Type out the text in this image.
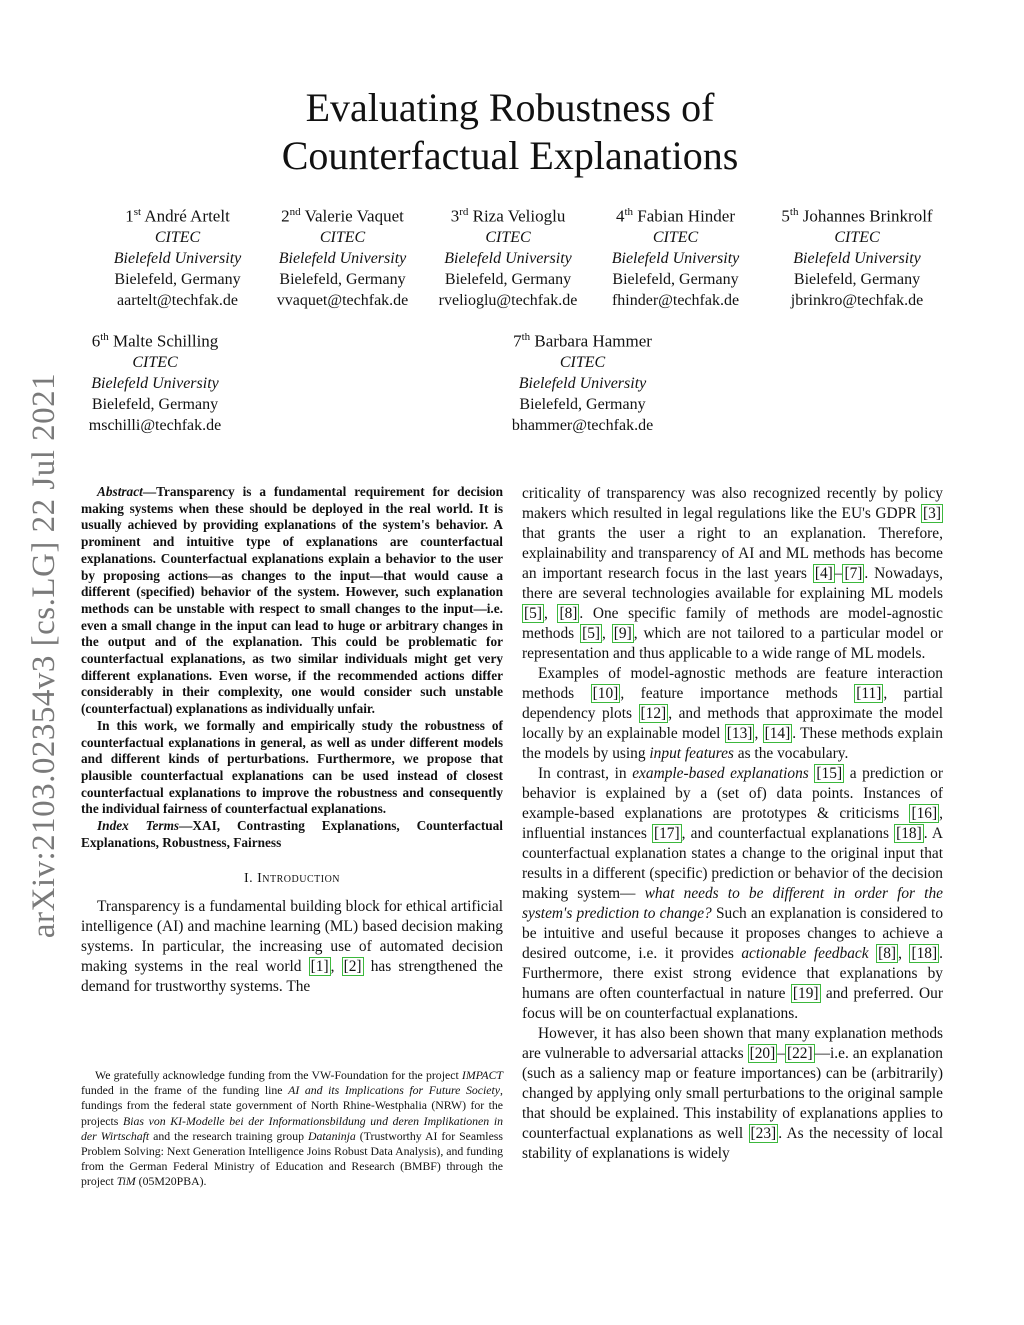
arXiv:2103.02354v3 [cs.LG] 22 Jul 2021
Evaluating Robustness of
Counterfactual Explanations
1st André Artelt
CITEC
Bielefeld University
Bielefeld, Germany
aartelt@techfak.de
2nd Valerie Vaquet
CITEC
Bielefeld University
Bielefeld, Germany
vvaquet@techfak.de
3rd Riza Velioglu
CITEC
Bielefeld University
Bielefeld, Germany
rvelioglu@techfak.de
4th Fabian Hinder
CITEC
Bielefeld University
Bielefeld, Germany
fhinder@techfak.de
5th Johannes Brinkrolf
CITEC
Bielefeld University
Bielefeld, Germany
jbrinkro@techfak.de
6th Malte Schilling
CITEC
Bielefeld University
Bielefeld, Germany
mschilli@techfak.de
7th Barbara Hammer
CITEC
Bielefeld University
Bielefeld, Germany
bhammer@techfak.de

Abstract—Transparency is a fundamental requirement for decision making systems when these should be deployed in the real world. It is usually achieved by providing explanations of the system's behavior. A prominent and intuitive type of explanations are counterfactual explanations. Counterfactual explanations explain a behavior to the user by proposing actions—as changes to the input—that would cause a different (specified) behavior of the system. However, such explanation methods can be unstable with respect to small changes to the input—i.e. even a small change in the input can lead to huge or arbitrary changes in the output and of the explanation. This could be problematic for counterfactual explanations, as two similar individuals might get very different explanations. Even worse, if the recommended actions differ considerably in their complexity, one would consider such unstable (counterfactual) explanations as individually unfair.

In this work, we formally and empirically study the robustness of counterfactual explanations in general, as well as under different models and different kinds of perturbations. Furthermore, we propose that plausible counterfactual explanations can be used instead of closest counterfactual explanations to improve the robustness and consequently the individual fairness of counterfactual explanations.

Index Terms—XAI, Contrasting Explanations, Counterfactual Explanations, Robustness, Fairness

I. Introduction

Transparency is a fundamental building block for ethical artificial intelligence (AI) and machine learning (ML) based decision making systems. In particular, the increasing use of automated decision making systems in the real world [1] , [2] has strengthened the demand for trustworthy systems. The

We gratefully acknowledge funding from the VW-Foundation for the project IMPACT funded in the frame of the funding line AI and its Implications for Future Society, fundings from the federal state government of North Rhine-Westphalia (NRW) for the projects Bias von KI-Modelle bei der Informationsbildung und deren Implikationen in der Wirtschaft and the research training group Dataninja (Trustworthy AI for Seamless Problem Solving: Next Generation Intelligence Joins Robust Data Analysis), and funding from the German Federal Ministry of Education and Research (BMBF) through the project TiM (05M20PBA).

criticality of transparency was also recognized recently by policy makers which resulted in legal regulations like the EU's GDPR [3] that grants the user a right to an explanation. Therefore, explainability and transparency of AI and ML methods has become an important research focus in the last years [4] – [7] . Nowadays, there are several technologies available for explaining ML models [5] , [8] . One specific family of methods are model-agnostic methods [5] , [9] , which are not tailored to a particular model or representation and thus applicable to a wide range of ML models.

Examples of model-agnostic methods are feature interaction methods [10] , feature importance methods [11] , partial dependency plots [12] , and methods that approximate the model locally by an explainable model [13] , [14] . These methods explain the models by using input features as the vocabulary.

In contrast, in example-based explanations [15] a prediction or behavior is explained by a (set of) data points. Instances of example-based explanations are prototypes & criticisms [16] , influential instances [17] , and counterfactual explanations [18] . A counterfactual explanation states a change to the original input that results in a different (specific) prediction or behavior of the decision making system— what needs to be different in order for the system's prediction to change? Such an explanation is considered to be intuitive and useful because it proposes changes to achieve a desired outcome, i.e. it provides actionable feedback [8] , [18] . Furthermore, there exist strong evidence that explanations by humans are often counterfactual in nature [19] and preferred. Our focus will be on counterfactual explanations.

However, it has also been shown that many explanation methods are vulnerable to adversarial attacks [20] – [22] —i.e. an explanation (such as a saliency map or feature importances) can be (arbitrarily) changed by applying only small perturbations to the original sample that should be explained. This instability of explanations applies to counterfactual explanations as well [23] . As the necessity of local stability of explanations is widely
